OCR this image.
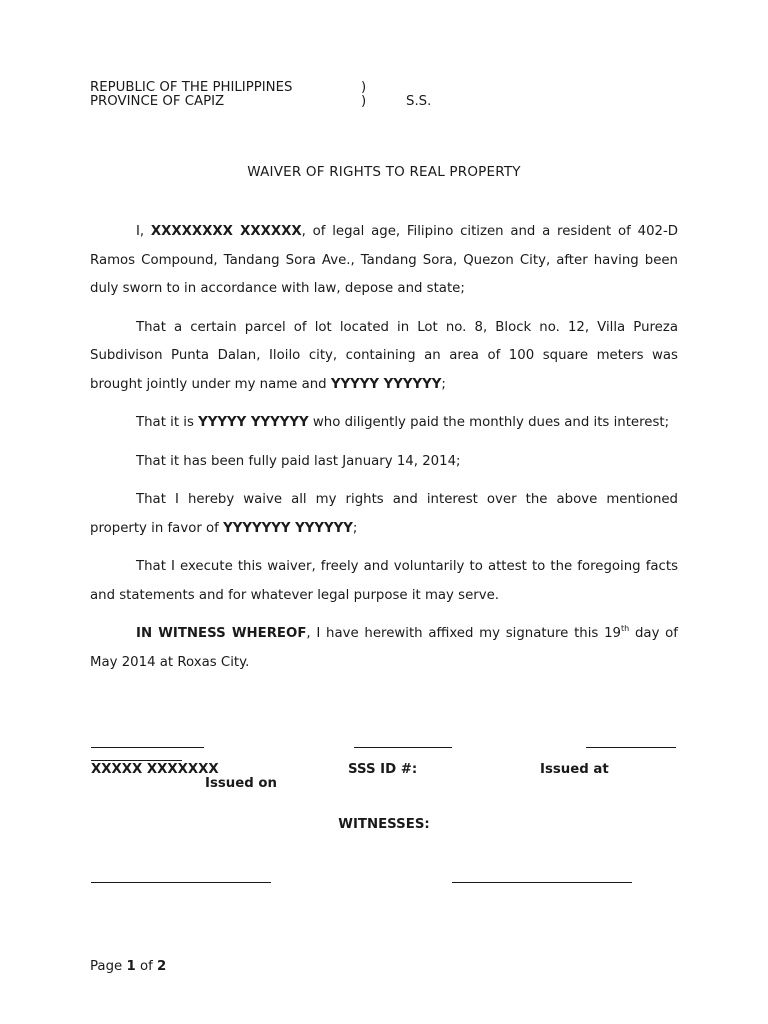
REPUBLIC OF THE PHILIPPINES	)
PROVINCE OF CAPIZ	)	S.S.
WAIVER OF RIGHTS TO REAL PROPERTY

I, XXXXXXXX XXXXXX, of legal age, Filipino citizen and a resident of 402-D Ramos Compound, Tandang Sora Ave., Tandang Sora, Quezon City, after having been duly sworn to in accordance with law, depose and state;

That a certain parcel of lot located in Lot no. 8, Block no. 12, Villa Pureza Subdivison Punta Dalan, Iloilo city, containing an area of 100 square meters was brought jointly under my name and YYYYY YYYYYY;

That it is YYYYY YYYYYY who diligently paid the monthly dues and its interest;

That it has been fully paid last January 14, 2014;

That I hereby waive all my rights and interest over the above mentioned property in favor of YYYYYYY YYYYYY;

That I execute this waiver, freely and voluntarily to attest to the foregoing facts and statements and for whatever legal purpose it may serve.

IN WITNESS WHEREOF, I have herewith affixed my signature this 19th day of May 2014 at Roxas City.

XXXXX XXXXXXX	SSS ID #:	Issued at
Issued on
WITNESSES:
Page 1 of 2
